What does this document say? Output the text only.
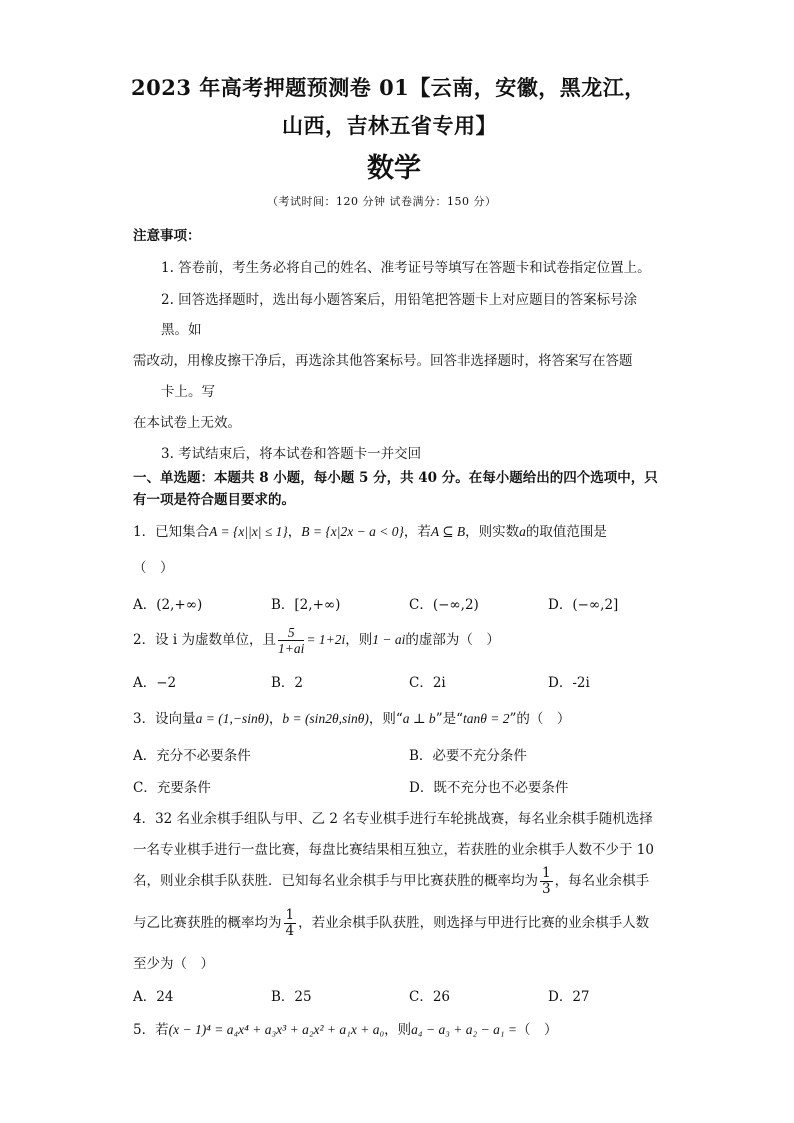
2023 年高考押题预测卷 01【云南，安徽，黑龙江，
山西，吉林五省专用】
数学
（考试时间：120 分钟 试卷满分：150 分）
注意事项：
1. 答卷前，考生务必将自己的姓名、准考证号等填写在答题卡和试卷指定位置上。
2. 回答选择题时，选出每小题答案后，用铅笔把答题卡上对应题目的答案标号涂
黑。如
需改动，用橡皮擦干净后，再选涂其他答案标号。回答非选择题时，将答案写在答题
卡上。写
在本试卷上无效。
3. 考试结束后，将本试卷和答题卡一并交回
一、单选题：本题共 8 小题，每小题 5 分，共 40 分。在每小题给出的四个选项中，只
有一项是符合题目要求的。
1．已知集合A = {x||x| ≤ 1}，B = {x|2x − a < 0}，若A ⊆ B，则实数a的取值范围是
（　）
A．(2,+∞)	B．[2,+∞)	C．(−∞,2)	D．(−∞,2]
2．设 i 为虚数单位，且 $\frac{5}{1+ai} = 1+2i$，则1 − ai的虚部为（　）
A．−2	B．2	C．2i	D．-2i
3．设向量a = (1,−sinθ)，b = (sin2θ,sinθ)，则“a ⊥ b”是“tanθ = 2”的（　）
A．充分不必要条件	B．必要不充分条件
C．充要条件	D．既不充分也不必要条件
4．32 名业余棋手组队与甲、乙 2 名专业棋手进行车轮挑战赛，每名业余棋手随机选择
一名专业棋手进行一盘比赛，每盘比赛结果相互独立，若获胜的业余棋手人数不少于 10
名，则业余棋手队获胜．已知每名业余棋手与甲比赛获胜的概率均为 $\frac{1}{3}$ ，每名业余棋手
与乙比赛获胜的概率均为 $\frac{1}{4}$ ，若业余棋手队获胜，则选择与甲进行比赛的业余棋手人数
至少为（　）
A．24	B．25	C．26	D．27
5．若(x − 1)⁴ = a₄x⁴ + a₃x³ + a₂x² + a₁x + a₀，则a₄ − a₃ + a₂ − a₁ =（　）
